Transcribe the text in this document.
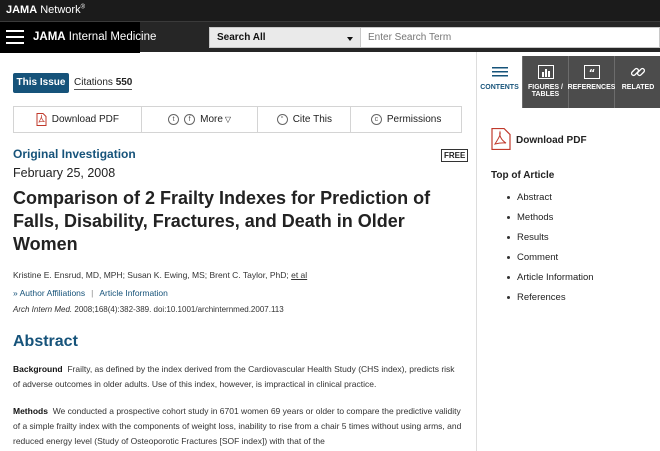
JAMA Network®
JAMA Internal Medicine	Search All
Enter Search Term
This Issue Citations 550
Download PDF	t	f More ▽	“ Cite This	c Permissions
Original Investigation	FREE
February 25, 2008
Comparison of 2 Frailty Indexes for Prediction of Falls, Disability, Fractures, and Death in Older Women
Kristine E. Ensrud, MD, MPH; Susan K. Ewing, MS; Brent C. Taylor, PhD; et al
» Author Affiliations | Article Information
Arch Intern Med. 2008;168(4):382-389. doi:10.1001/archinternmed.2007.113
Abstract

Background Frailty, as defined by the index derived from the Cardiovascular Health Study (CHS index), predicts risk of adverse outcomes in older adults. Use of this index, however, is impractical in clinical practice.

Methods We conducted a prospective cohort study in 6701 women 69 years or older to compare the predictive validity of a simple frailty index with the components of weight loss, inability to rise from a chair 5 times without using arms, and reduced energy level (Study of Osteoporotic Fractures [SOF index]) with that of the

CONTENTS	FIGURES / TABLES
“
REFERENCES RELATED
Download PDF
Top of Article
Abstract
Methods
Results
Comment
Article Information
References
